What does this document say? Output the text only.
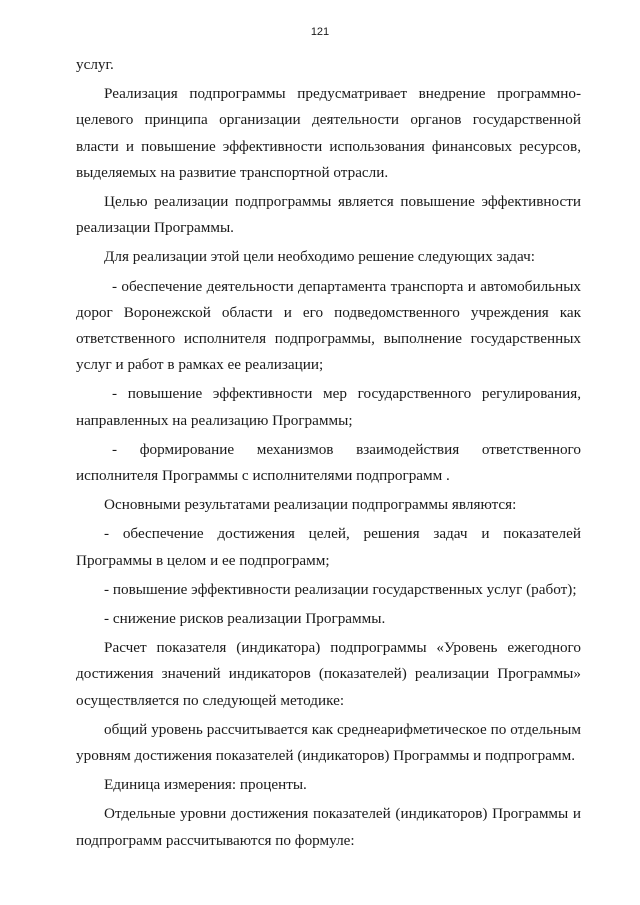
121

услуг.

Реализация подпрограммы предусматривает внедрение программно-целевого принципа организации деятельности органов государственной власти и повышение эффективности использования финансовых ресурсов, выделяемых на развитие транспортной отрасли.

Целью реализации подпрограммы является повышение эффективности реализации Программы.

Для реализации этой цели необходимо решение следующих задач:

- обеспечение деятельности департамента транспорта и автомобильных дорог Воронежской области и его подведомственного учреждения как ответственного исполнителя подпрограммы, выполнение государственных услуг и работ в рамках ее реализации;

- повышение эффективности мер государственного регулирования, направленных на реализацию Программы;

- формирование механизмов взаимодействия ответственного исполнителя Программы с исполнителями подпрограмм .

Основными результатами реализации подпрограммы являются:

- обеспечение достижения целей, решения задач и показателей Программы в целом и ее подпрограмм;

- повышение эффективности реализации государственных услуг (работ);

- снижение рисков реализации Программы.

Расчет показателя (индикатора) подпрограммы «Уровень ежегодного достижения значений индикаторов (показателей) реализации Программы» осуществляется по следующей методике:

общий уровень рассчитывается как среднеарифметическое по отдельным уровням достижения показателей (индикаторов) Программы и подпрограмм.

Единица измерения: проценты.

Отдельные уровни достижения показателей (индикаторов) Программы и подпрограмм рассчитываются по формуле:
